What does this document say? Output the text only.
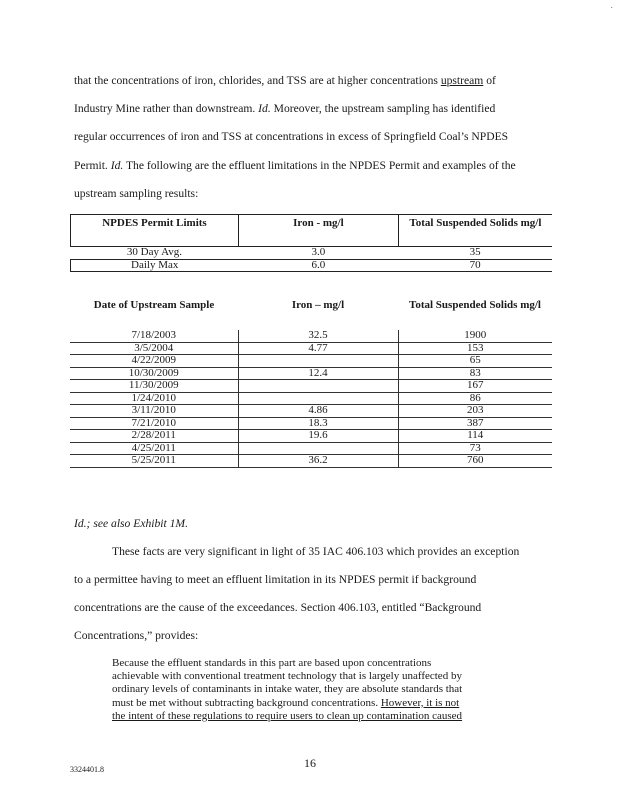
·
that the concentrations of iron, chlorides, and TSS are at higher concentrations upstream of
Industry Mine rather than downstream. Id. Moreover, the upstream sampling has identified
regular occurrences of iron and TSS at concentrations in excess of Springfield Coal’s NPDES
Permit. Id. The following are the effluent limitations in the NPDES Permit and examples of the
upstream sampling results:
NPDES Permit Limits	Iron - mg/l	Total Suspended Solids mg/l
30 Day Avg.	3.0	35
Daily Max	6.0	70
Date of Upstream Sample	Iron – mg/l	Total Suspended Solids mg/l
7/18/2003	32.5	1900
3/5/2004	4.77	153
4/22/2009		65
10/30/2009	12.4	83
11/30/2009		167
1/24/2010		86
3/11/2010	4.86	203
7/21/2010	18.3	387
2/28/2011	19.6	114
4/25/2011		73
5/25/2011	36.2	760
Id.; see also Exhibit 1M.
These facts are very significant in light of 35 IAC 406.103 which provides an exception
to a permittee having to meet an effluent limitation in its NPDES permit if background
concentrations are the cause of the exceedances. Section 406.103, entitled “Background
Concentrations,” provides:
Because the effluent standards in this part are based upon concentrations
achievable with conventional treatment technology that is largely unaffected by
ordinary levels of contaminants in intake water, they are absolute standards that
must be met without subtracting background concentrations. However, it is not
the intent of these regulations to require users to clean up contamination caused
3324401.8	16
